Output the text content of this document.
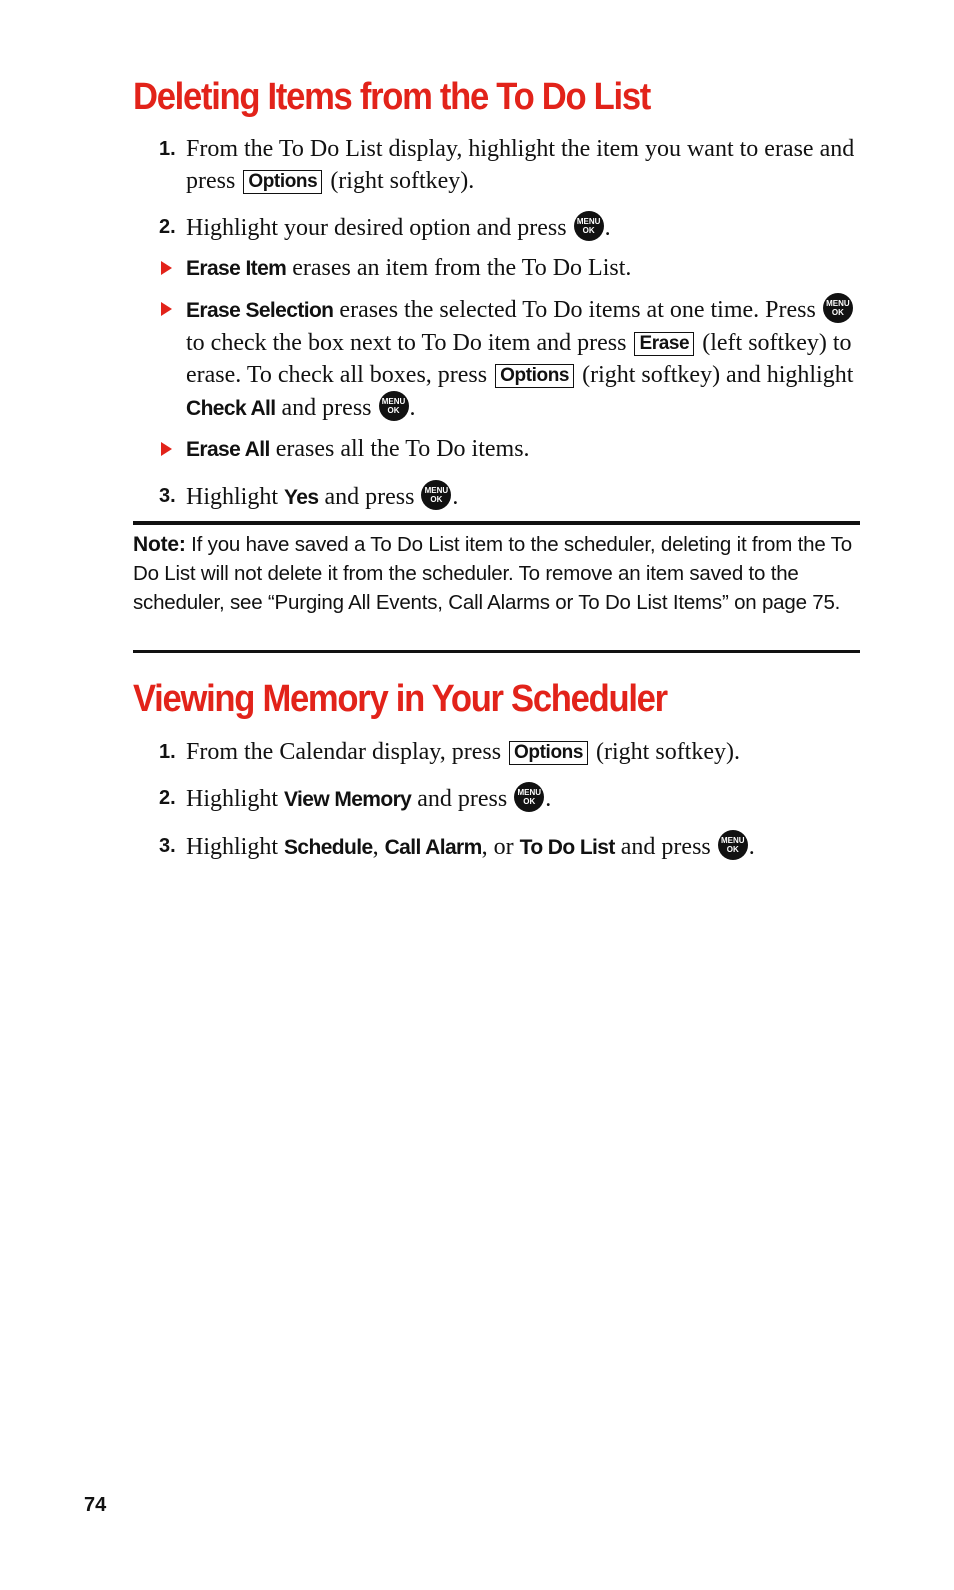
Deleting Items from the To Do List
1. From the To Do List display, highlight the item you want to erase and press Options (right softkey).
2. Highlight your desired option and press	MENU
OK .
Erase Item erases an item from the To Do List.
Erase Selection erases the selected To Do items at one time. Press	MENU
OK
to check the box next to To Do item and press Erase (left softkey) to erase. To check all boxes, press Options (right softkey) and highlight Check All and press	MENU
OK .
Erase All erases all the To Do items.
3. Highlight Yes and press	MENU
OK .
Note: If you have saved a To Do List item to the scheduler, deleting it from the To Do List will not delete it from the scheduler. To remove an item saved to the scheduler, see “Purging All Events, Call Alarms or To Do List Items” on page 75.
Viewing Memory in Your Scheduler
1. From the Calendar display, press Options (right softkey).
2. Highlight View Memory and press	MENU
OK .
3. Highlight Schedule, Call Alarm, or To Do List and press	MENU
OK .
74
